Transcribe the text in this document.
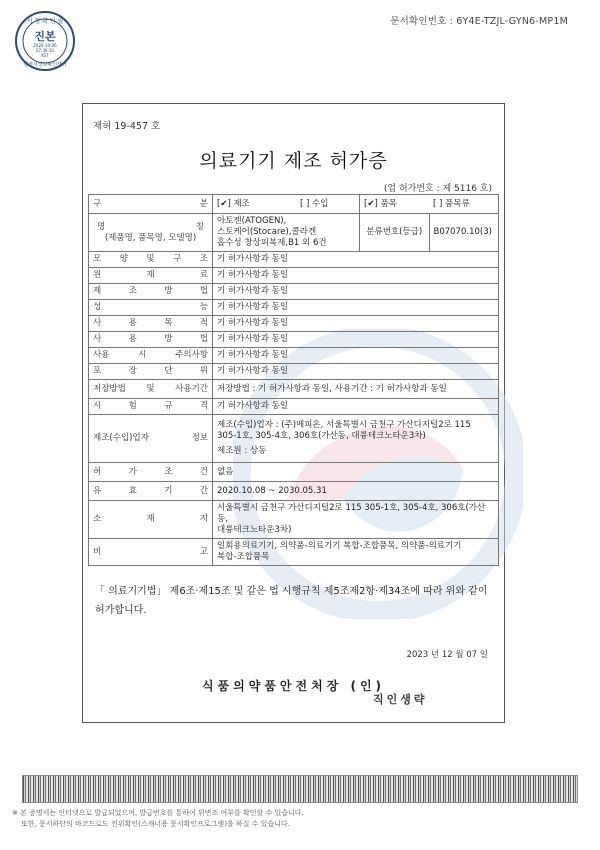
문서확인번호 : 6Y4E-TZJL-GYN6-MP1M
시 청 확 인 필
진본
2020-10-06
07:36:10
KST
행정시정보확인센터
제허 19-457 호
의료기기 제조 허가증
(업 허가번호 : 제 5116 호)
구 분	[✔] 제조	[ ] 수입	[✔] 품목	[ ] 품목류

명 칭
(제품명, 품목명, 모델명)	아토젠(ATOGEN),
스토케어(Stocare),콜라겐
흡수성 창상피복재,B1 외 6건		분류번호(등급)	B07070.10(3)
모 양 및 구 조	기 허가사항과 동일			
원 재 료	기 허가사항과 동일			
제 조 방 법	기 허가사항과 동일			
성 능	기 허가사항과 동일			
사 용 목 적	기 허가사항과 동일			
사 용 방 법	기 허가사항과 동일			
사용 시 주의사항	기 허가사항과 동일			
포 장 단 위	기 허가사항과 동일			
저장방법 및 사용기간	저장방법 : 기 허가사항과 동일, 사용기간 : 기 허가사항과 동일			
시 험 규 격	기 허가사항과 동일			
제조(수입)업자 정보	제조(수입)업자 : (주)메피온, 서울특별시 금천구 가산디지털2로 115
305-1호, 305-4호, 306호(가산동, 대륭테크노타운3차)
제조원 : 상동			

허 가 조 건	없음			
유 효 기 간	2020.10.08 ~ 2030.05.31			
소 재 지	서울특별시 금천구 가산디지털2로 115 305-1호, 305-4호, 306호(가산동,
대륭테크노타운3차)			
비 고	일회용의료기기, 의약품-의료기기 복합-조합품목, 의약품-의료기기
복합-조합품목			
「 의료기기법」 제6조·제15조 및 같은 법 시행규칙 제5조제2항·제34조에 따라 위와 같이 허가합니다.
2023 년 12 월 07 일
식품의약품안전처장 (인)
직인생략
※ 본 증명서는 인터넷으로 발급되었으며, 발급번호를 통하여 위변조 여부를 확인할 수 있습니다.
또한, 문서하단의 바코드로도 진위확인(스캐너용 문서확인프로그램)을 하실 수 있습니다.
